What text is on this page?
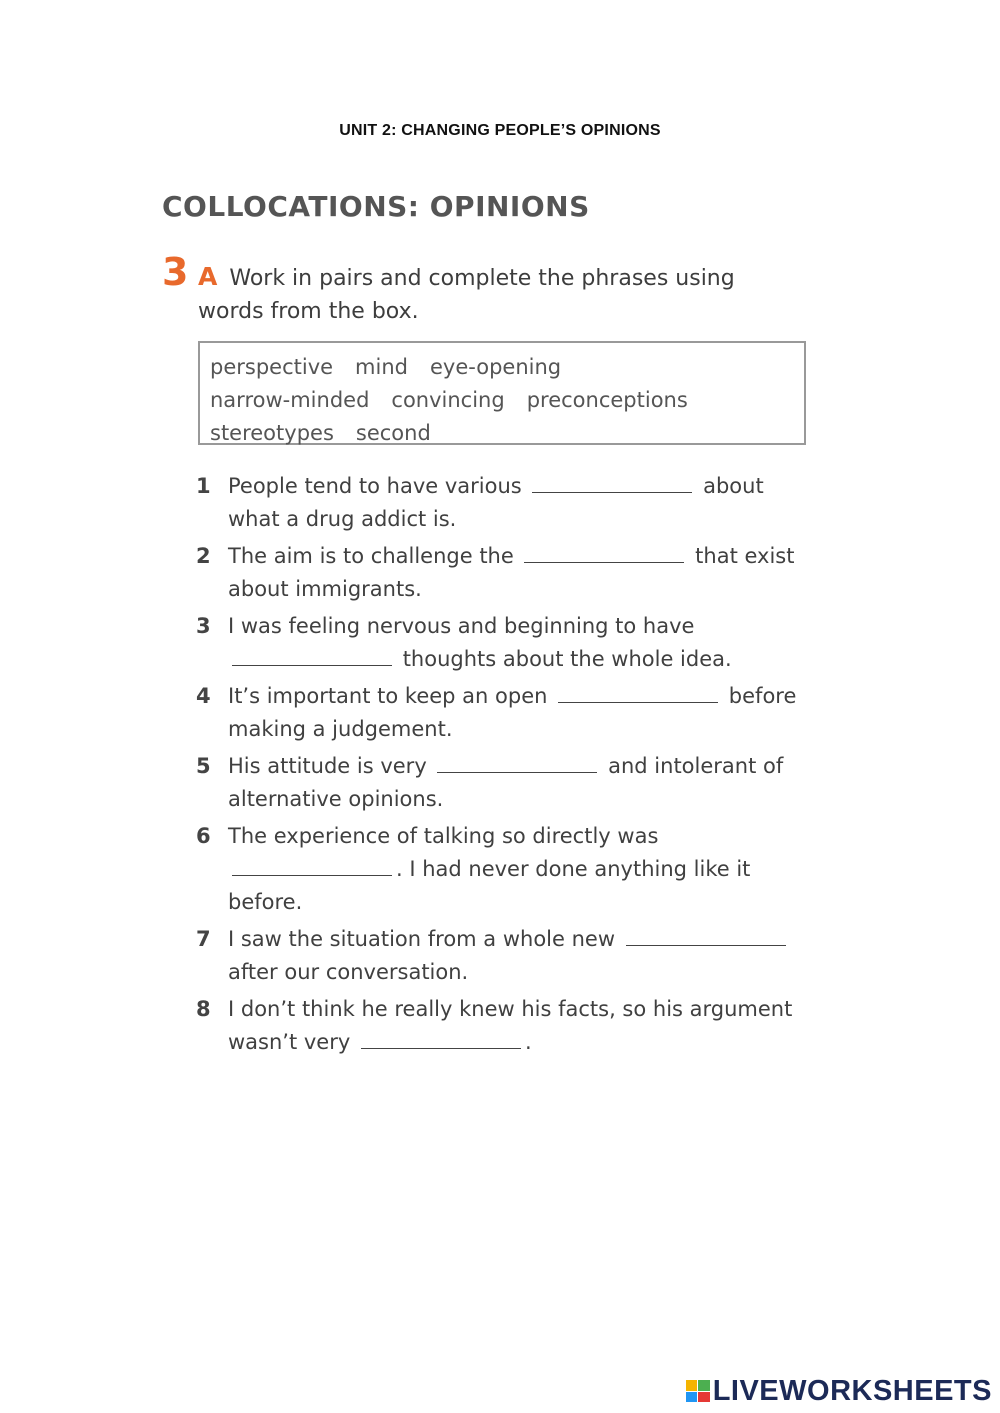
UNIT 2: CHANGING PEOPLE’S OPINIONS
COLLOCATIONS: OPINIONS
3 A Work in pairs and complete the phrases using words from the box.
perspective mind eye-opening
narrow-minded convincing preconceptions
stereotypes second
1 People tend to have various	about what a drug addict is.
2 The aim is to challenge the	that exist about immigrants.
3 I was feeling nervous and beginning to have  thoughts about the whole idea.
4 It’s important to keep an open	before making a judgement.
5 His attitude is very	and intolerant of alternative opinions.
6 The experience of talking so directly was . I had never done anything like it before.
7 I saw the situation from a whole new  after our conversation.
8 I don’t think he really knew his facts, so his argument wasn’t very	.
LIVEWORKSHEETS
